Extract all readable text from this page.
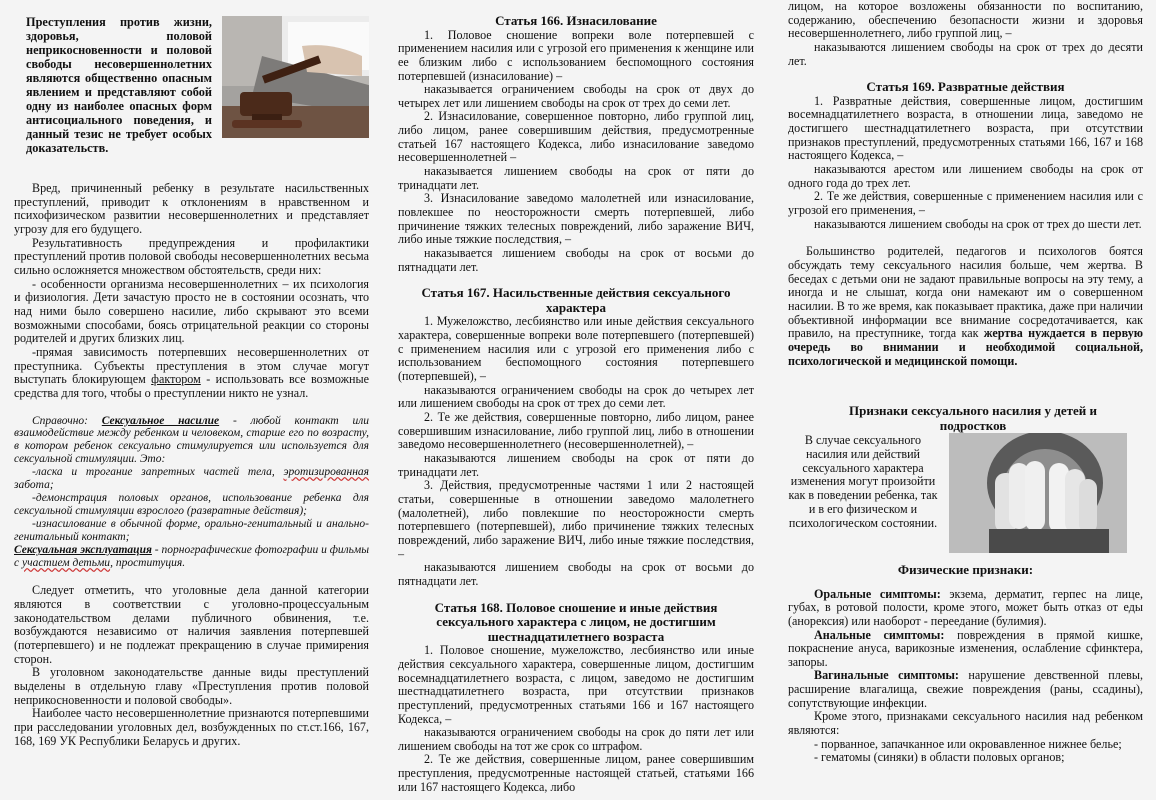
Преступления против жизни, здоровья, половой неприкосновенности и половой свободы несовершеннолетних являются общественно опасным явлением и представляют собой одну из наиболее опасных форм антисоциального поведения, и данный тезис не требует особых доказательств.

Вред, причиненный ребенку в результате насильственных преступлений, приводит к отклонениям в нравственном и психофизическом развитии несовершеннолетних и представляет угрозу для его будущего.

Результативность предупреждения и профилактики преступлений против половой свободы несовершеннолетних весьма сильно осложняется множеством обстоятельств, среди них:

- особенности организма несовершеннолетних – их психология и физиология. Дети зачастую просто не в состоянии осознать, что над ними было совершено насилие, либо скрывают это всеми возможными способами, боясь отрицательной реакции со стороны родителей и других близких лиц.

-прямая зависимость потерпевших несовершеннолетних от преступника. Субъекты преступления в этом случае могут выступать блокирующем фактором - использовать все возможные средства для того, чтобы о преступлении никто не узнал.

Справочно: Сексуальное насилие - любой контакт или взаимодействие между ребенком и человеком, старше его по возрасту, в котором ребенок сексуально стимулируется или используется для сексуальной стимуляции. Это:

-ласка и трогание запретных частей тела, эротизированная забота;

-демонстрация половых органов, использование ребенка для сексуальной стимуляции взрослого (развратные действия);

-изнасилование в обычной форме, орально-генитальный и анально-генитальный контакт;

Сексуальная эксплуатация - порнографические фотографии и фильмы с участием детьми, проституция.

Следует отметить, что уголовные дела данной категории являются в соответствии с уголовно-процессуальным законодательством делами публичного обвинения, т.е. возбуждаются независимо от наличия заявления потерпевшей (потерпевшего) и не подлежат прекращению в случае примирения сторон.

В уголовном законодательстве данные виды преступлений выделены в отдельную главу «Преступления против половой неприкосновенности и половой свободы».

Наиболее часто несовершеннолетние признаются потерпевшими при расследовании уголовных дел, возбужденных по ст.ст.166, 167, 168, 169 УК Республики Беларусь и других.

Статья 166. Изнасилование

1. Половое сношение вопреки воле потерпевшей с применением насилия или с угрозой его применения к женщине или ее близким либо с использованием беспомощного состояния потерпевшей (изнасилование) –

наказывается ограничением свободы на срок от двух до четырех лет или лишением свободы на срок от трех до семи лет.

2. Изнасилование, совершенное повторно, либо группой лиц, либо лицом, ранее совершившим действия, предусмотренные статьей 167 настоящего Кодекса, либо изнасилование заведомо несовершеннолетней –

наказывается лишением свободы на срок от пяти до тринадцати лет.

3. Изнасилование заведомо малолетней или изнасилование, повлекшее по неосторожности смерть потерпевшей, либо причинение тяжких телесных повреждений, либо заражение ВИЧ, либо иные тяжкие последствия, –

наказывается лишением свободы на срок от восьми до пятнадцати лет.

Статья 167. Насильственные действия сексуального характера

1. Мужеложство, лесбиянство или иные действия сексуального характера, совершенные вопреки воле потерпевшего (потерпевшей) с применением насилия или с угрозой его применения либо с использованием беспомощного состояния потерпевшего (потерпевшей), –

наказываются ограничением свободы на срок до четырех лет или лишением свободы на срок от трех до семи лет.

2. Те же действия, совершенные повторно, либо лицом, ранее совершившим изнасилование, либо группой лиц, либо в отношении заведомо несовершеннолетнего (несовершеннолетней), –

наказываются лишением свободы на срок от пяти до тринадцати лет.

3. Действия, предусмотренные частями 1 или 2 настоящей статьи, совершенные в отношении заведомо малолетнего (малолетней), либо повлекшие по неосторожности смерть потерпевшего (потерпевшей), либо причинение тяжких телесных повреждений, либо заражение ВИЧ, либо иные тяжкие последствия, –

наказываются лишением свободы на срок от восьми до пятнадцати лет.

Статья 168. Половое сношение и иные действия сексуального характера с лицом, не достигшим шестнадцатилетнего возраста

1. Половое сношение, мужеложство, лесбиянство или иные действия сексуального характера, совершенные лицом, достигшим восемнадцатилетнего возраста, с лицом, заведомо не достигшим шестнадцатилетнего возраста, при отсутствии признаков преступлений, предусмотренных статьями 166 и 167 настоящего Кодекса, –

наказываются ограничением свободы на срок до пяти лет или лишением свободы на тот же срок со штрафом.

2. Те же действия, совершенные лицом, ранее совершившим преступления, предусмотренные настоящей статьей, статьями 166 или 167 настоящего Кодекса, либо

лицом, на которое возложены обязанности по воспитанию, содержанию, обеспечению безопасности жизни и здоровья несовершеннолетнего, либо группой лиц, –

наказываются лишением свободы на срок от трех до десяти лет.

Статья 169. Развратные действия

1. Развратные действия, совершенные лицом, достигшим восемнадцатилетнего возраста, в отношении лица, заведомо не достигшего шестнадцатилетнего возраста, при отсутствии признаков преступлений, предусмотренных статьями 166, 167 и 168 настоящего Кодекса, –

наказываются арестом или лишением свободы на срок от одного года до трех лет.

2. Те же действия, совершенные с применением насилия или с угрозой его применения, –

наказываются лишением свободы на срок от трех до шести лет.

Большинство родителей, педагогов и психологов боятся обсуждать тему сексуального насилия больше, чем жертва. В беседах с детьми они не задают правильные вопросы на эту тему, а иногда и не слышат, когда они намекают им о совершенном насилии. В то же время, как показывает практика, даже при наличии объективной информации все внимание сосредотачивается, как правило, на преступнике, тогда как жертва нуждается в первую очередь во внимании и необходимой социальной, психологической и медицинской помощи.

Признаки сексуального насилия у детей и подростков

В случае сексуального насилия или действий сексуального характера изменения могут произойти как в поведении ребенка, так и в его физическом и психологическом состоянии.

Физические признаки:

Оральные симптомы: экзема, дерматит, герпес на лице, губах, в ротовой полости, кроме этого, может быть отказ от еды (анорексия) или наоборот - переедание (булимия).

Анальные симптомы: повреждения в прямой кишке, покраснение ануса, варикозные изменения, ослабление сфинктера, запоры.

Вагинальные симптомы: нарушение девственной плевы, расширение влагалища, свежие повреждения (раны, ссадины), сопутствующие инфекции.

Кроме этого, признаками сексуального насилия над ребенком являются:

- порванное, запачканное или окровавленное нижнее белье;

- гематомы (синяки) в области половых органов;
